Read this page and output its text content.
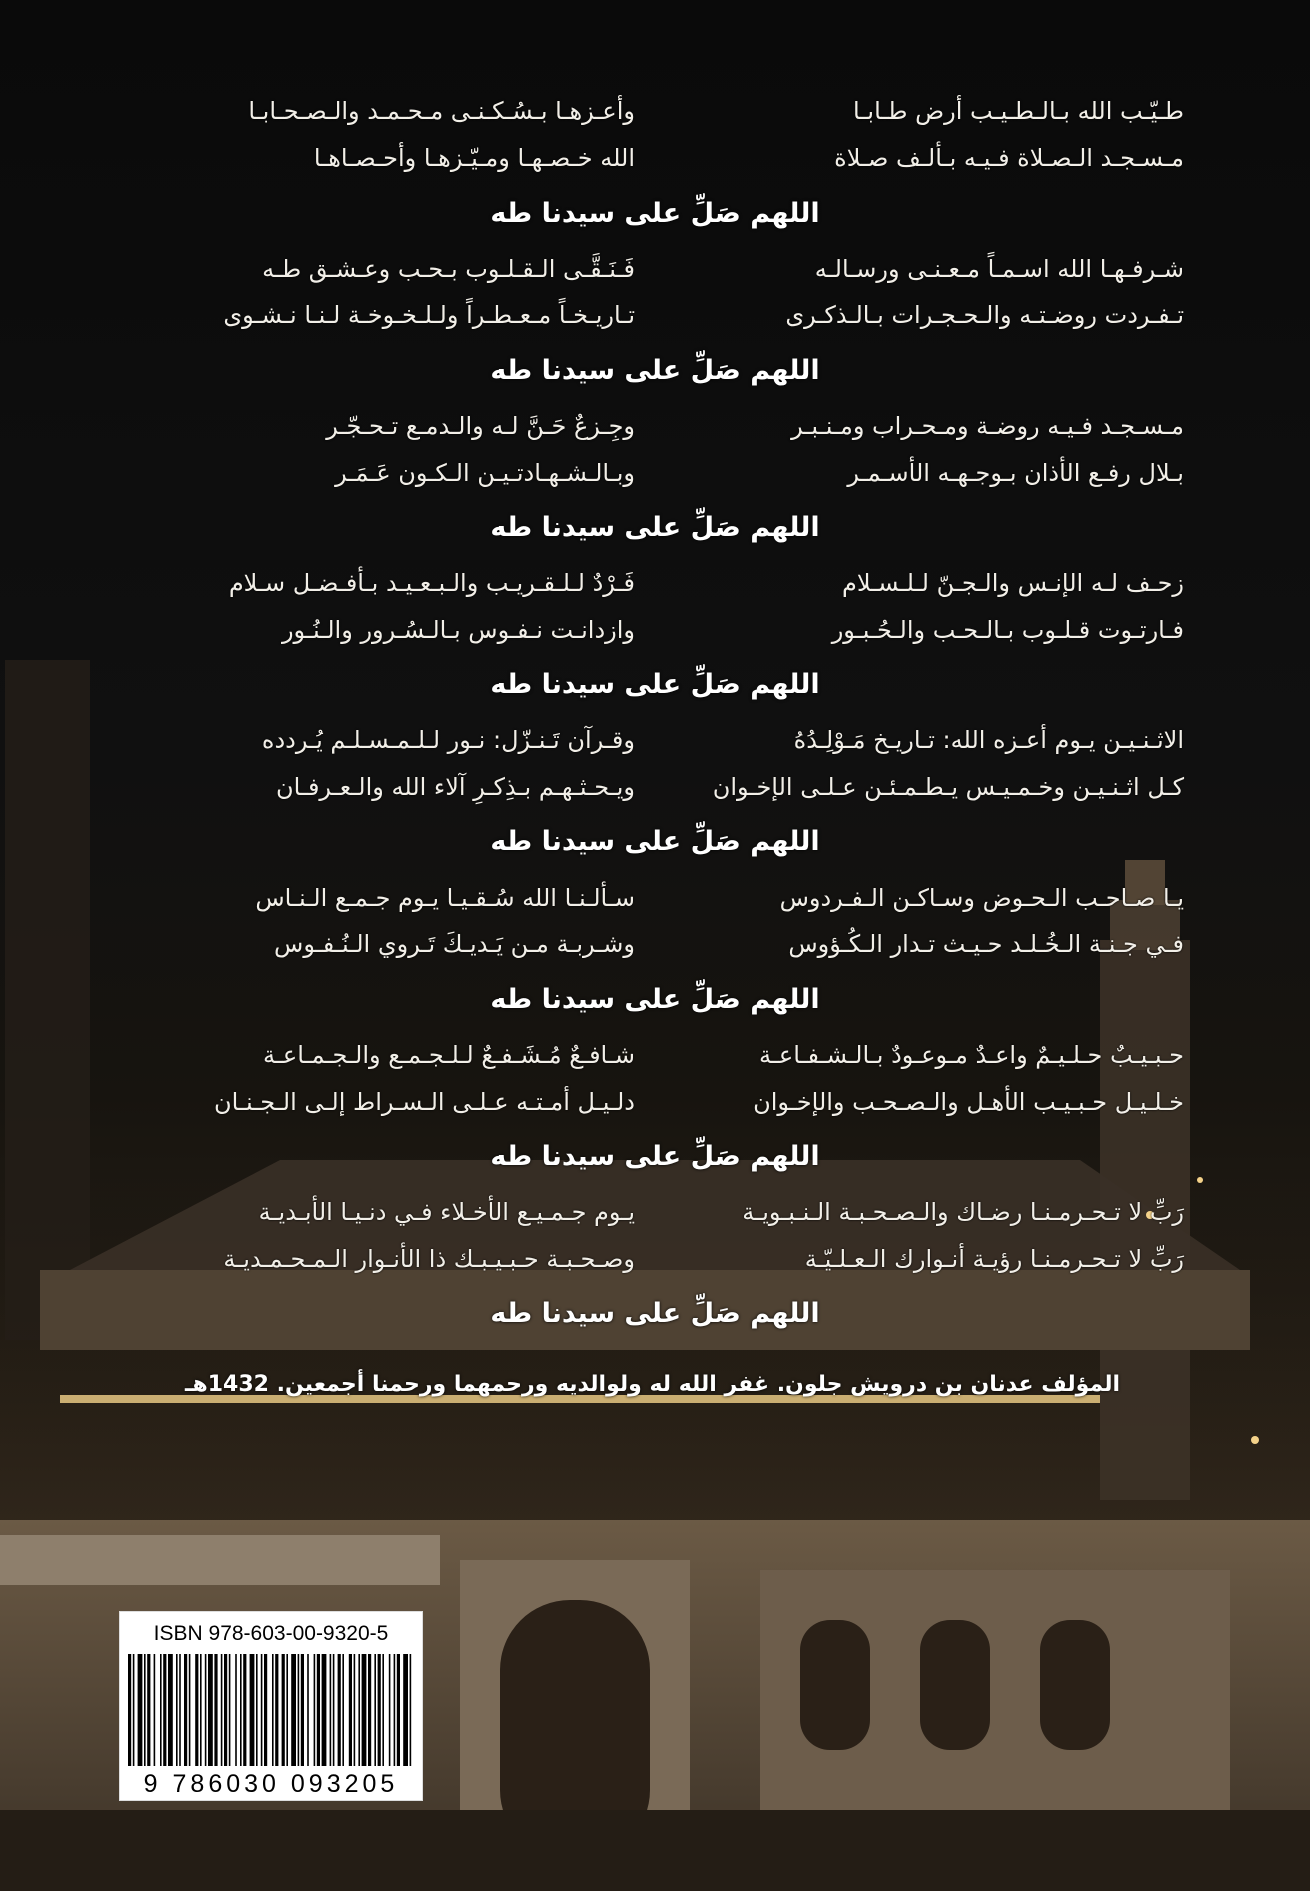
طـيّـب الله بـالـطـيـب أرض طـابـا
وأعـزهـا بـسُـكـنـى مـحـمـد والـصـحـابـا
مـسـجـد الـصـلاة فـيـه بـألـف صـلاة
الله خـصـهـا ومـيّـزهـا وأحـصـاهـا
اللهم صَلِّ على سيدنا طه
شـرفـهـا الله اسـمـاً مـعـنـى ورسـالـه
فَـنَـقَّـى الـقـلـوب بـحـب وعـشـق طـه
تـفـردت روضـتـه والـحـجـرات بـالـذكـرى
تـاريـخـاً مـعـطـراً ولـلـخـوخـة لـنـا نـشـوى
اللهم صَلِّ على سيدنا طه
مـسـجـد فـيـه روضـة ومـحـراب ومـنـبـر
وجِـزعٌ حَـنَّ لـه والـدمـع تـحـجّـر
بـلال رفـع الأذان بـوجـهـه الأسـمـر
وبـالـشـهـادتـيـن الـكـون عَـمَـر
اللهم صَلِّ على سيدنا طه
زحـف لـه الإنـس والـجـنّ لـلـسـلام
فَـرْدٌ لـلـقـريـب والـبـعـيـد بـأفـضـل سـلام
فـارتـوت قـلـوب بـالـحـب والـحُـبـور
وازدانـت نـفـوس بـالـسُـرور والـنُـور
اللهم صَلِّ على سيدنا طه
الاثـنـيـن يـوم أعـزه الله: تـاريـخ مَـوْلِـدُهُ
وقـرآن تَـنـزّل: نـور لـلـمـسـلـم يُـردده
كـل اثـنـيـن وخـمـيـس يـطـمـئـن عـلـى الإخـوان
ويـحـثـهـم بـذِكـرِ آلاء الله والـعـرفـان
اللهم صَلِّ على سيدنا طه
يـا صـاحـب الـحـوض وسـاكـن الـفـردوس
سـألـنـا الله سُـقـيـا يـوم جـمـع الـنـاس
فـي جـنـة الـخُـلـد حـيـث تـدار الـكُـؤوس
وشـربـة مـن يَـديـكَ تَـروي الـنُـفـوس
اللهم صَلِّ على سيدنا طه
حـبـيـبٌ حـلـيـمٌ واعـدٌ مـوعـودٌ بـالـشـفـاعـة
شـافـعٌ مُـشَـفـعٌ لـلـجـمـع والـجـمـاعـة
خـلـيـل حـبـيـب الأهـل والـصـحـب والإخـوان
دلـيـل أمـتـه عـلـى الـسـراط إلـى الـجـنـان
اللهم صَلِّ على سيدنا طه
رَبِّ لا تـحـرمـنـا رضـاك والـصـحـبـة الـنـبـويـة
يـوم جـمـيـع الأخـلاء فـي دنـيـا الأبـديـة
رَبِّ لا تـحـرمـنـا رؤيـة أنـوارك الـعـلـيّـة
وصـحـبـة حـبـيـبـك ذا الأنـوار الـمـحـمـديـة
اللهم صَلِّ على سيدنا طه
المؤلف عدنان بن درويش جلون. غفر الله له ولوالديه ورحمهما ورحمنا أجمعين. 1432هـ
ISBN 978-603-00-9320-5
9 786030 093205
